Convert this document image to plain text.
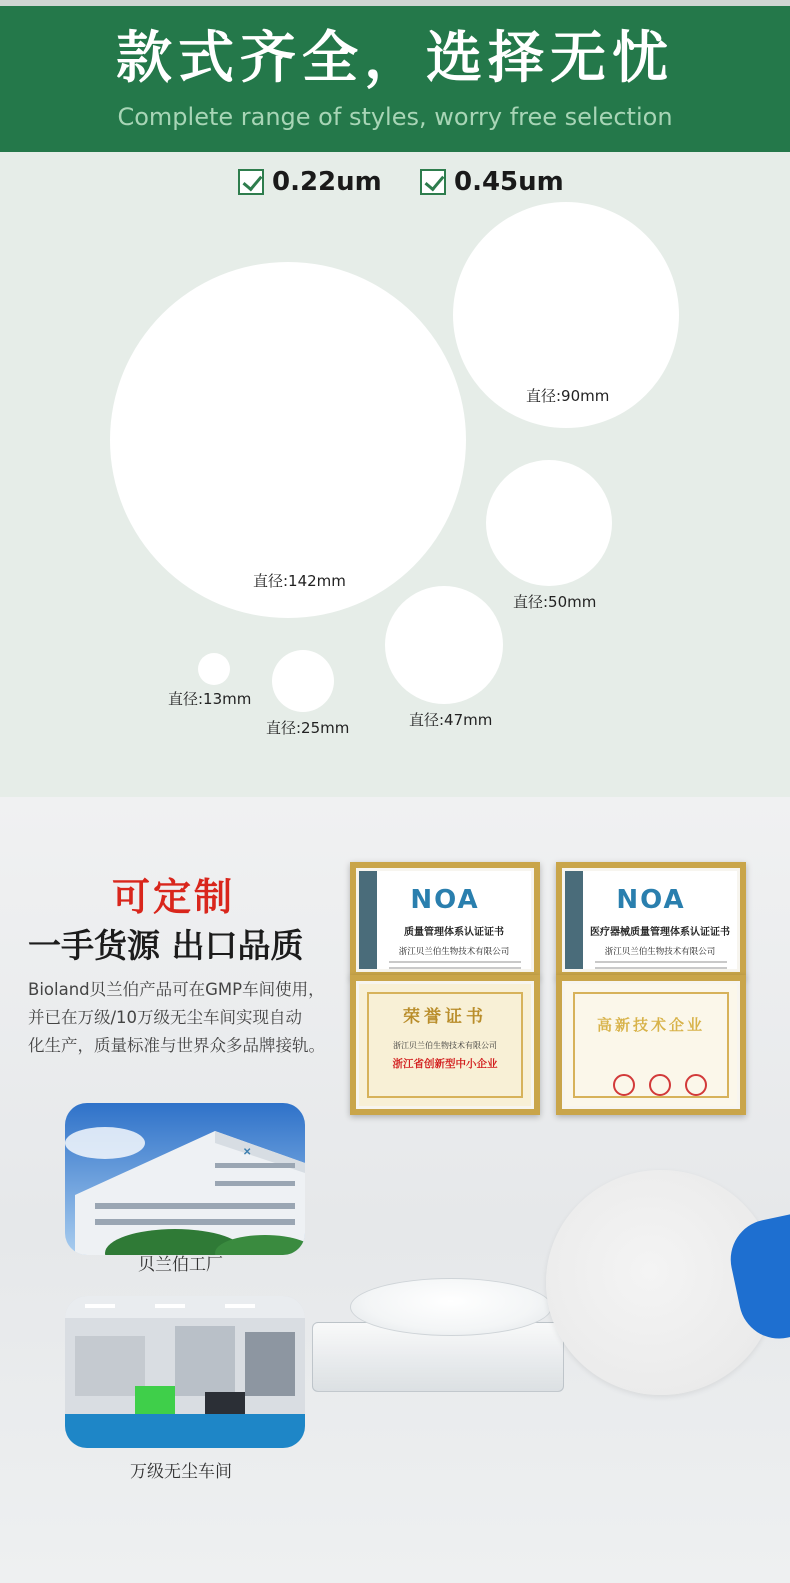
款式齐全，选择无忧
Complete range of styles, worry free selection
0.22um	0.45um
直径:142mm
直径:90mm
直径:50mm
直径:47mm
直径:25mm
直径:13mm
可定制
一手货源 出口品质
Bioland贝兰伯产品可在GMP车间使用，
并已在万级/10万级无尘车间实现自动
化生产，质量标准与世界众多品牌接轨。
NOA
质量管理体系认证证书
浙江贝兰伯生物技术有限公司
NOA
医疗器械质量管理体系认证证书
浙江贝兰伯生物技术有限公司
荣誉证书
浙江贝兰伯生物技术有限公司
浙江省创新型中小企业
高新技术企业
✕
贝兰伯工厂
万级无尘车间
